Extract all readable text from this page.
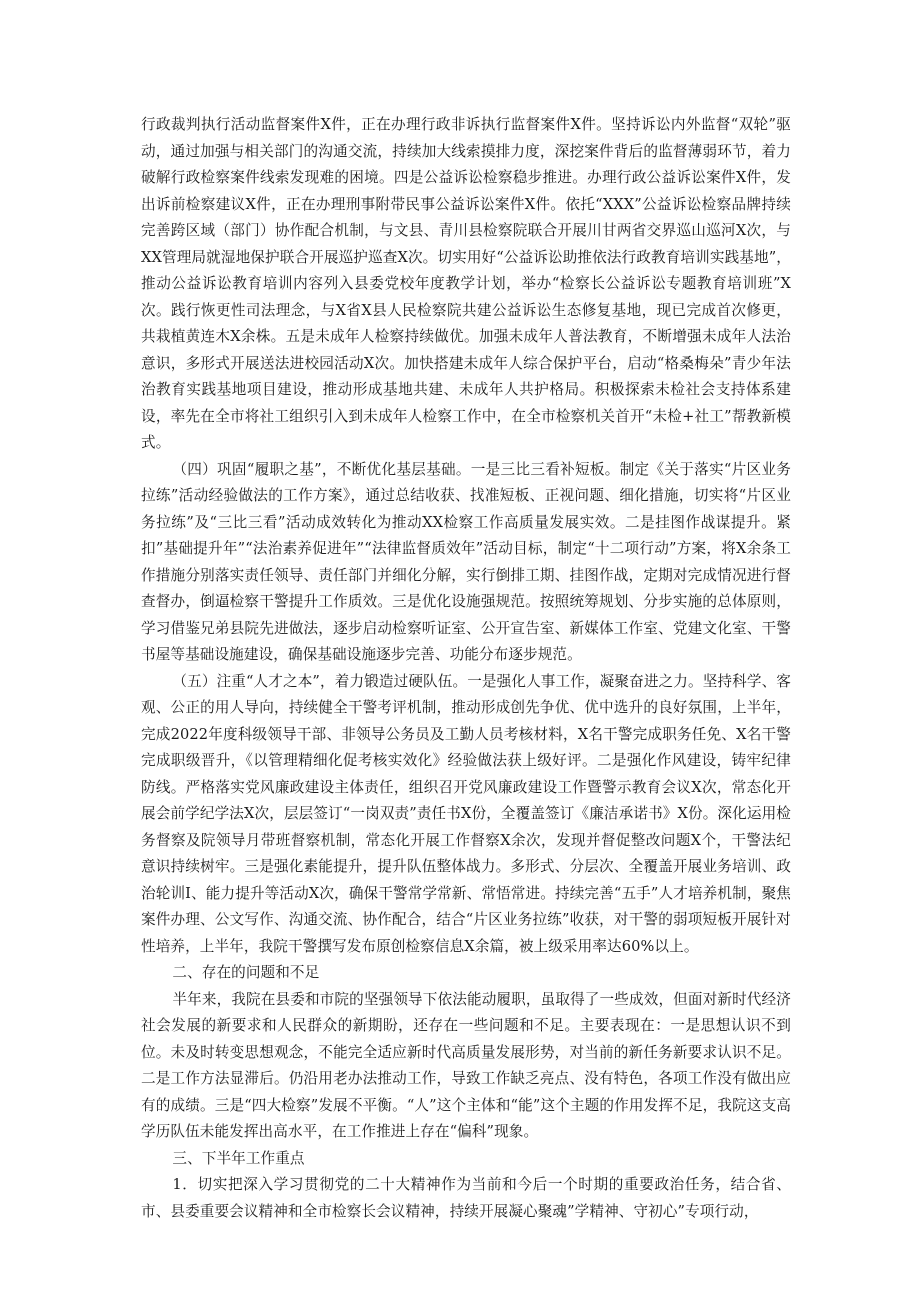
行政裁判执行活动监督案件X件，正在办理行政非诉执行监督案件X件。坚持诉讼内外监督“双轮”驱动，通过加强与相关部门的沟通交流，持续加大线索摸排力度，深挖案件背后的监督薄弱环节，着力破解行政检察案件线索发现难的困境。四是公益诉讼检察稳步推进。办理行政公益诉讼案件X件，发出诉前检察建议X件，正在办理刑事附带民事公益诉讼案件X件。依托“XXX”公益诉讼检察品牌持续完善跨区域（部门）协作配合机制，与文县、青川县检察院联合开展川甘两省交界巡山巡河X次，与XX管理局就湿地保护联合开展巡护巡查X次。切实用好“公益诉讼助推依法行政教育培训实践基地”，推动公益诉讼教育培训内容列入县委党校年度教学计划，举办“检察长公益诉讼专题教育培训班”X次。践行恢更性司法理念，与X省X县人民检察院共建公益诉讼生态修复基地，现已完成首次修更，共栽植黄连木X余株。五是未成年人检察持续做优。加强未成年人普法教育，不断增强未成年人法治意识，多形式开展送法进校园活动X次。加快搭建未成年人综合保护平台，启动“格桑梅朵”青少年法治教育实践基地项目建设，推动形成基地共建、未成年人共护格局。积极探索未检社会支持体系建设，率先在全市将社工组织引入到未成年人检察工作中，在全市检察机关首开“未检+社工”帮教新模式。

（四）巩固“履职之基”，不断优化基层基础。一是三比三看补短板。制定《关于落实“片区业务拉练”活动经验做法的工作方案》，通过总结收获、找准短板、正视问题、细化措施，切实将“片区业务拉练”及“三比三看”活动成效转化为推动XX检察工作高质量发展实效。二是挂图作战谋提升。紧扣”基础提升年”“法治素养促进年”“法律监督质效年”活动目标，制定“十二项行动”方案，将X余条工作措施分别落实责任领导、责任部门并细化分解，实行倒排工期、挂图作战，定期对完成情况进行督查督办，倒逼检察干警提升工作质效。三是优化设施强规范。按照统筹规划、分步实施的总体原则，学习借鉴兄弟县院先进做法，逐步启动检察听证室、公开宣告室、新媒体工作室、党建文化室、干警书屋等基础设施建设，确保基础设施逐步完善、功能分布逐步规范。

（五）注重“人才之本”，着力锻造过硬队伍。一是强化人事工作，凝聚奋进之力。坚持科学、客观、公正的用人导向，持续健全干警考评机制，推动形成创先争优、优中选升的良好氛围，上半年，完成2022年度科级领导干部、非领导公务员及工勤人员考核材料，X名干警完成职务任免、X名干警完成职级晋升，《以管理精细化促考核实效化》经验做法获上级好评。二是强化作风建设，铸牢纪律防线。严格落实党风廉政建设主体责任，组织召开党风廉政建设工作暨警示教育会议X次，常态化开展会前学纪学法X次，层层签订“一岗双责”责任书X份，全覆盖签订《廉洁承诺书》X份。深化运用检务督察及院领导月带班督察机制，常态化开展工作督察X余次，发现并督促整改问题X个，干警法纪意识持续树牢。三是强化素能提升，提升队伍整体战力。多形式、分层次、全覆盖开展业务培训、政治轮训I、能力提升等活动X次，确保干警常学常新、常悟常进。持续完善“五手”人才培养机制，聚焦案件办理、公文写作、沟通交流、协作配合，结合“片区业务拉练”收获，对干警的弱项短板开展针对性培养，上半年，我院干警撰写发布原创检察信息X余篇，被上级采用率达60%以上。

二、存在的问题和不足

半年来，我院在县委和市院的坚强领导下依法能动履职，虽取得了一些成效，但面对新时代经济社会发展的新要求和人民群众的新期盼，还存在一些问题和不足。主要表现在：一是思想认识不到位。未及时转变思想观念，不能完全适应新时代高质量发展形势，对当前的新任务新要求认识不足。二是工作方法显滞后。仍沿用老办法推动工作，导致工作缺乏亮点、没有特色，各项工作没有做出应有的成绩。三是“四大检察”发展不平衡。“人”这个主体和“能”这个主题的作用发挥不足，我院这支高学历队伍未能发挥出高水平，在工作推进上存在“偏科”现象。

三、下半年工作重点

1．切实把深入学习贯彻党的二十大精神作为当前和今后一个时期的重要政治任务，结合省、市、县委重要会议精神和全市检察长会议精神，持续开展凝心聚魂”学精神、守初心”专项行动，
